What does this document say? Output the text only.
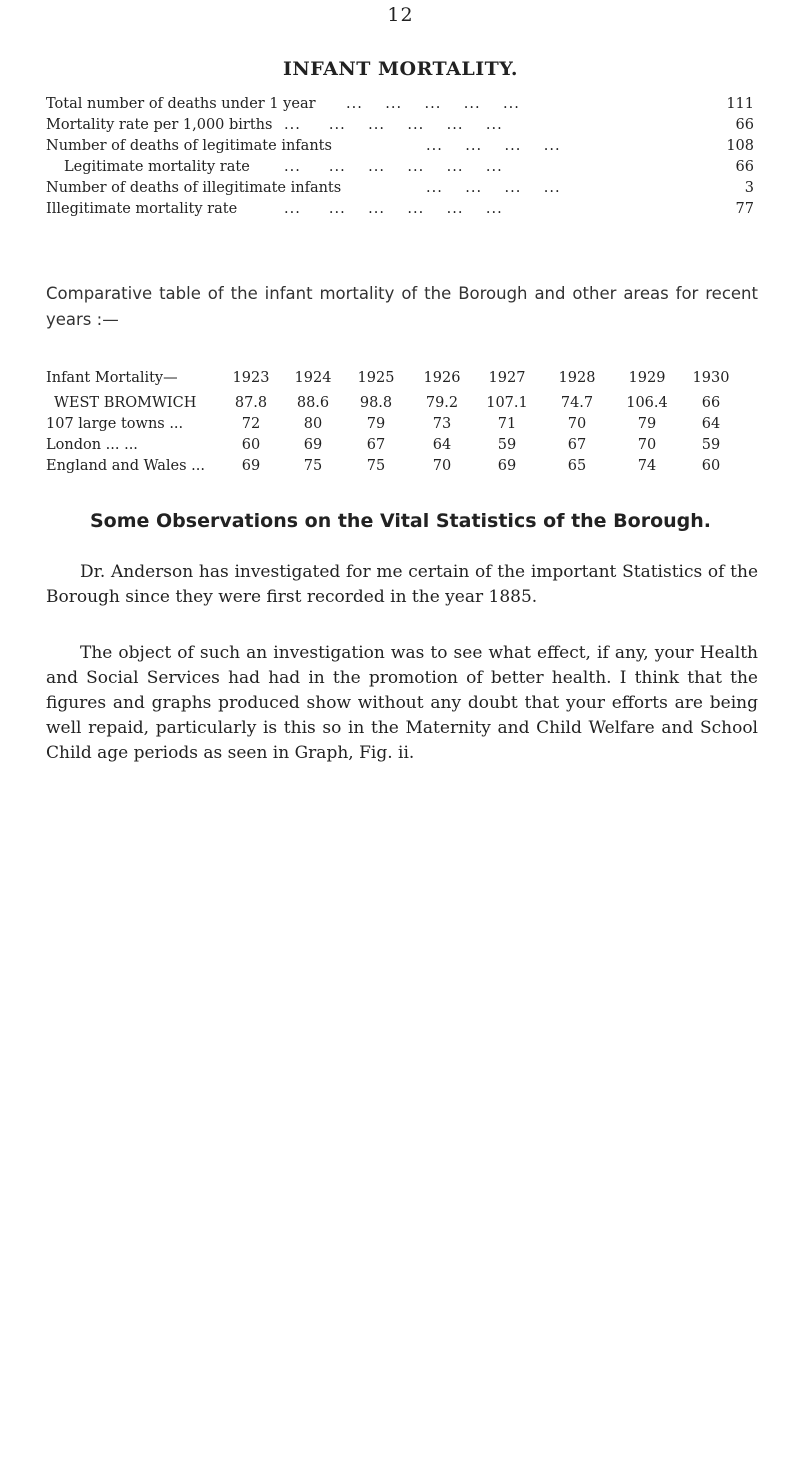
12
INFANT MORTALITY.
Total number of deaths under 1 year ...    ...    ...    ...    ...	111
Mortality rate per 1,000 births ...     ...    ...    ...    ...    ...	66
Number of deaths of legitimate infants	...    ...    ...    ...	108
Legitimate mortality rate ...     ...    ...    ...    ...    ...	66
Number of deaths of illegitimate infants	...    ...    ...    ...	3
Illegitimate mortality rate	...     ...    ...    ...    ...    ...	77
Comparative table of the infant mortality of the Borough and other areas for recent years :—
Infant Mortality—	1923	1924	1925	1926	1927	1928	1929	1930
WEST BROMWICH	87.8	88.6	98.8	79.2	107.1	74.7	106.4	66
107 large towns ...	72	80	79	73	71	70	79	64
London ... ...	60	69	67	64	59	67	70	59
England and Wales ...	69	75	75	70	69	65	74	60
Some Observations on the Vital Statistics of the Borough.

Dr. Anderson has investigated for me certain of the important Statistics of the Borough since they were first recorded in the year 1885.

The object of such an investigation was to see what effect, if any, your Health and Social Services had had in the promotion of better health. I think that the figures and graphs produced show without any doubt that your efforts are being well repaid, particularly is this so in the Maternity and Child Welfare and School Child age periods as seen in Graph, Fig. ii.
